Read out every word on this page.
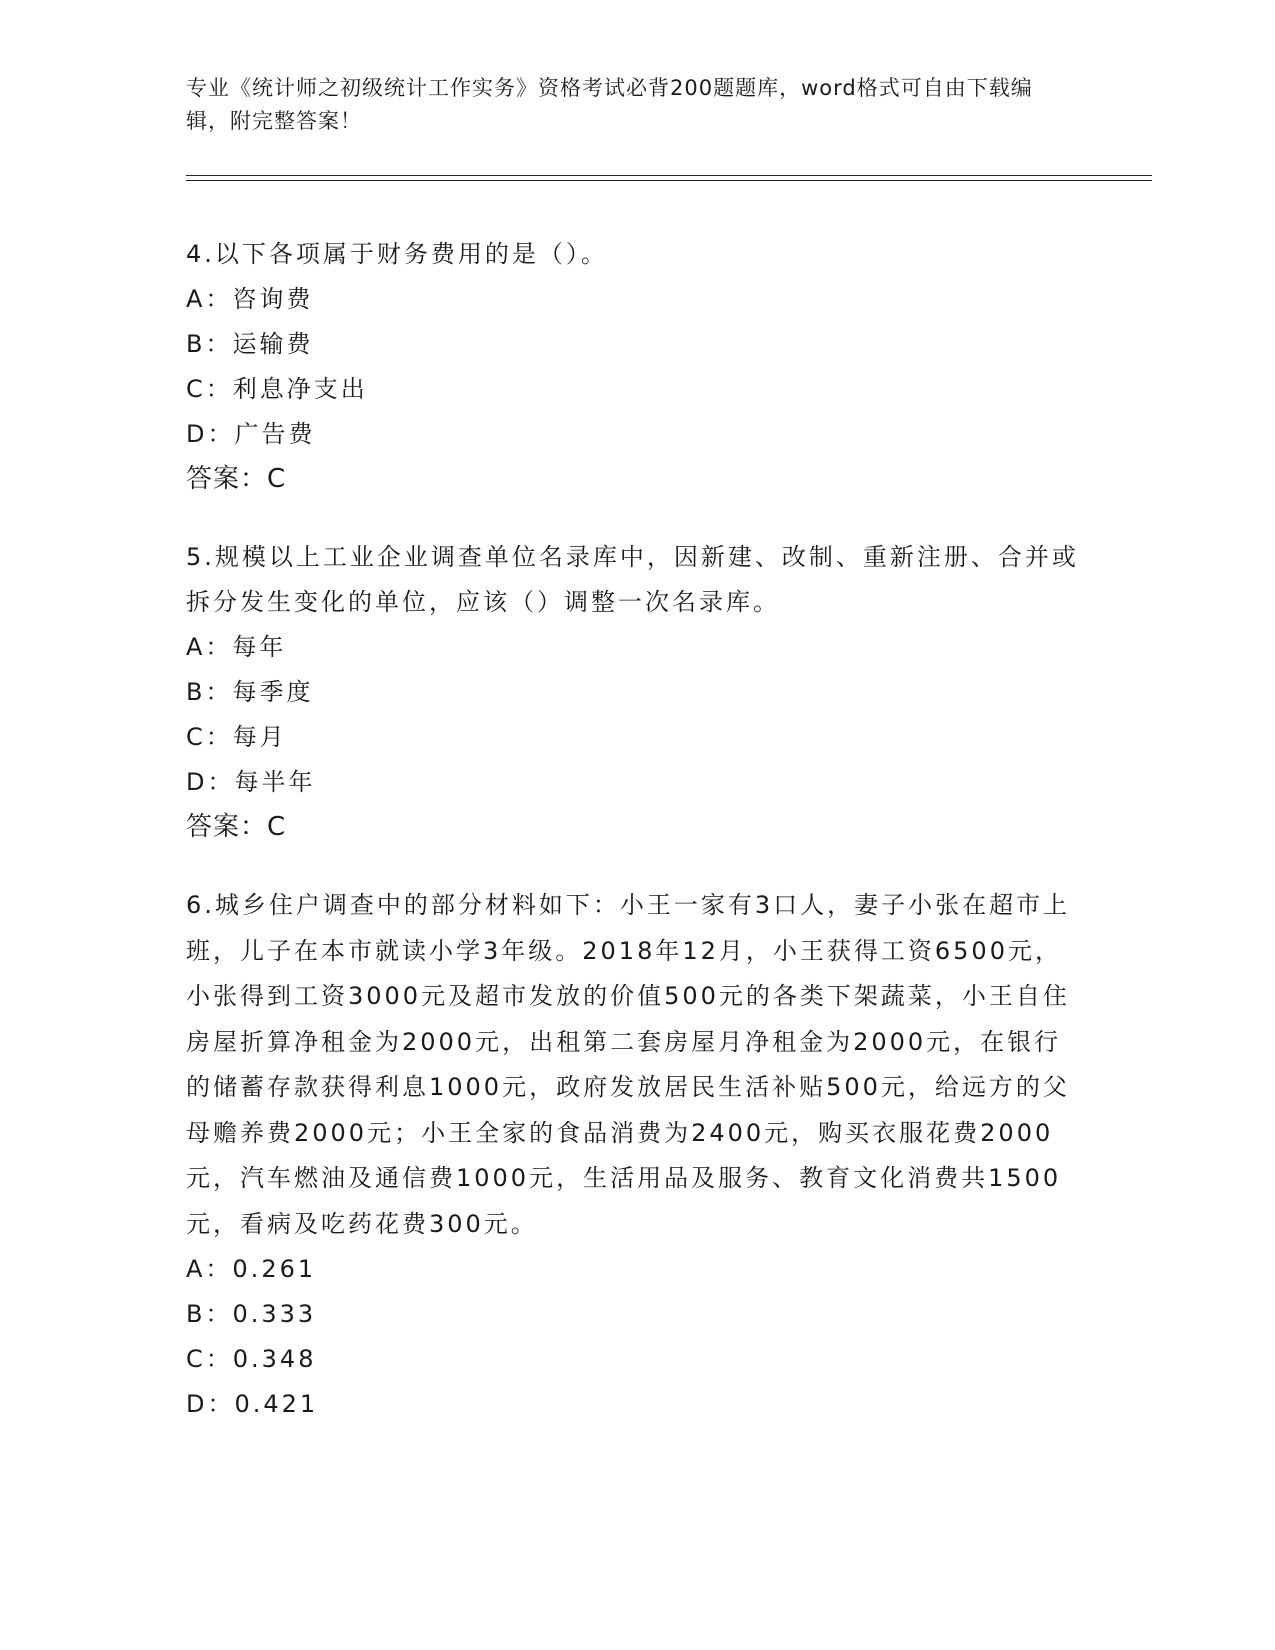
专业《统计师之初级统计工作实务》资格考试必背200题题库，word格式可自由下载编辑，附完整答案！

4.以下各项属于财务费用的是（）。

A：咨询费

B：运输费

C：利息净支出

D：广告费

答案：C

5.规模以上工业企业调查单位名录库中，因新建、改制、重新注册、合并或拆分发生变化的单位，应该（）调整一次名录库。

A：每年

B：每季度

C：每月

D：每半年

答案：C

6.城乡住户调查中的部分材料如下：小王一家有3口人，妻子小张在超市上班，儿子在本市就读小学3年级。2018年12月，小王获得工资6500元，小张得到工资3000元及超市发放的价值500元的各类下架蔬菜，小王自住房屋折算净租金为2000元，出租第二套房屋月净租金为2000元，在银行的储蓄存款获得利息1000元，政府发放居民生活补贴500元，给远方的父母赡养费2000元；小王全家的食品消费为2400元，购买衣服花费2000元，汽车燃油及通信费1000元，生活用品及服务、教育文化消费共1500元，看病及吃药花费300元。

A：0.261

B：0.333

C：0.348

D：0.421
